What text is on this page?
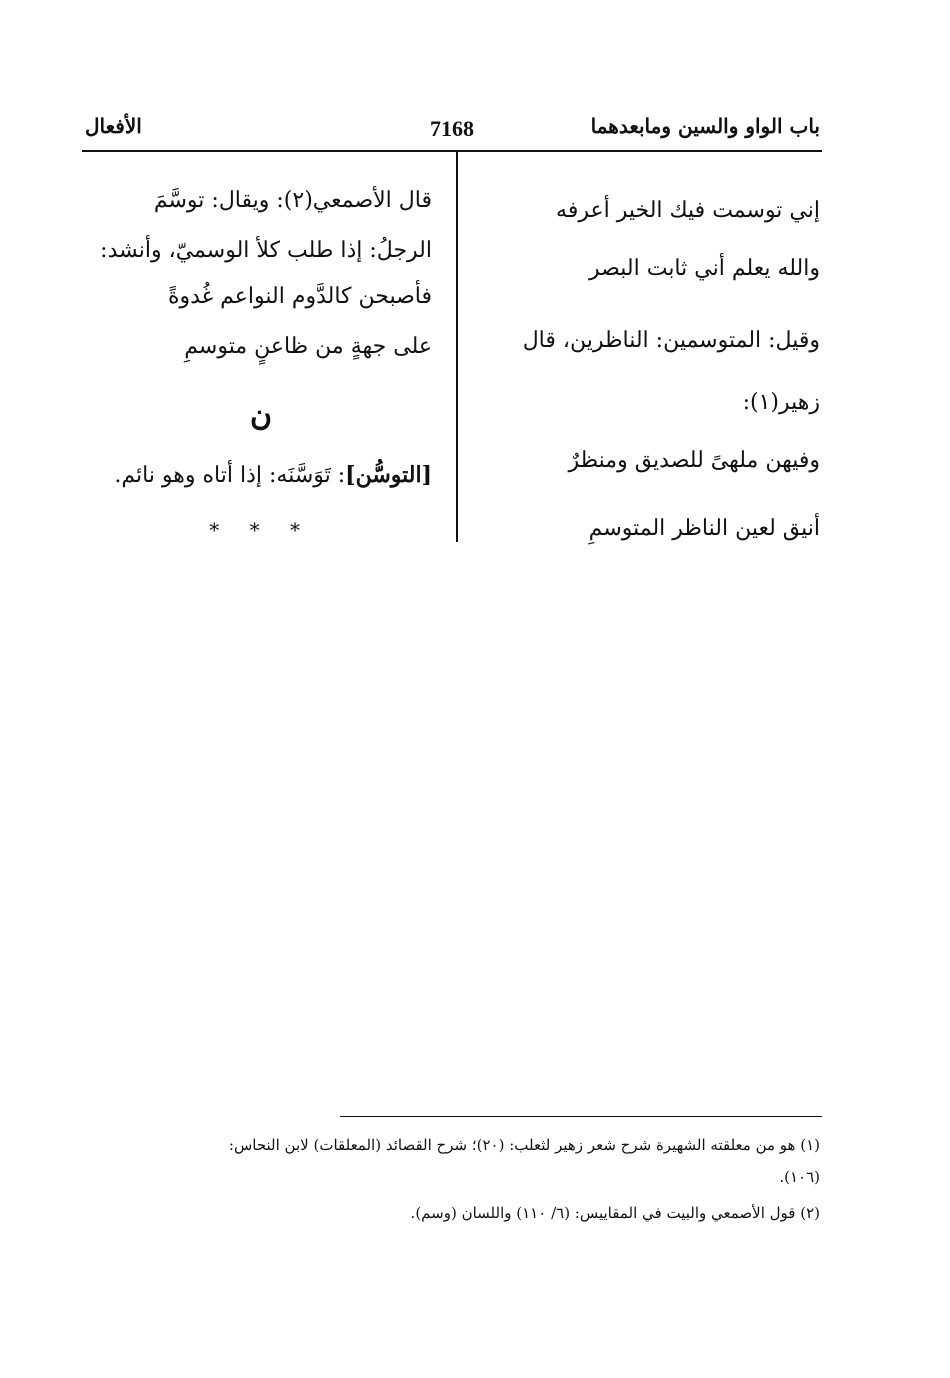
باب الواو والسين ومابعدهما
7168
الأفعال
إني توسمت فيك الخير أعرفه
والله يعلم أني ثابت البصر
وقيل: المتوسمين: الناظرين، قال
زهير(١):
وفيهن ملهىً للصديق ومنظرٌ
أنيق لعين الناظر المتوسمِ
قال الأصمعي(٢): ويقال: توسَّمَ
الرجلُ: إذا طلب كلأ الوسميّ، وأنشد:
فأصبحن كالدَّوم النواعم غُدوةً
على جهةٍ من ظاعنٍ متوسمِ
ن
[التوسُّن]: تَوَسَّنَه: إذا أتاه وهو نائم.
* * *
(١) هو من معلقته الشهيرة شرح شعر زهير لثعلب: (٢٠)؛ شرح القصائد (المعلقات) لابن النحاس:
(١٠٦).
(٢) قول الأصمعي والبيت في المقاييس: (٦/ ١١٠) واللسان (وسم).
